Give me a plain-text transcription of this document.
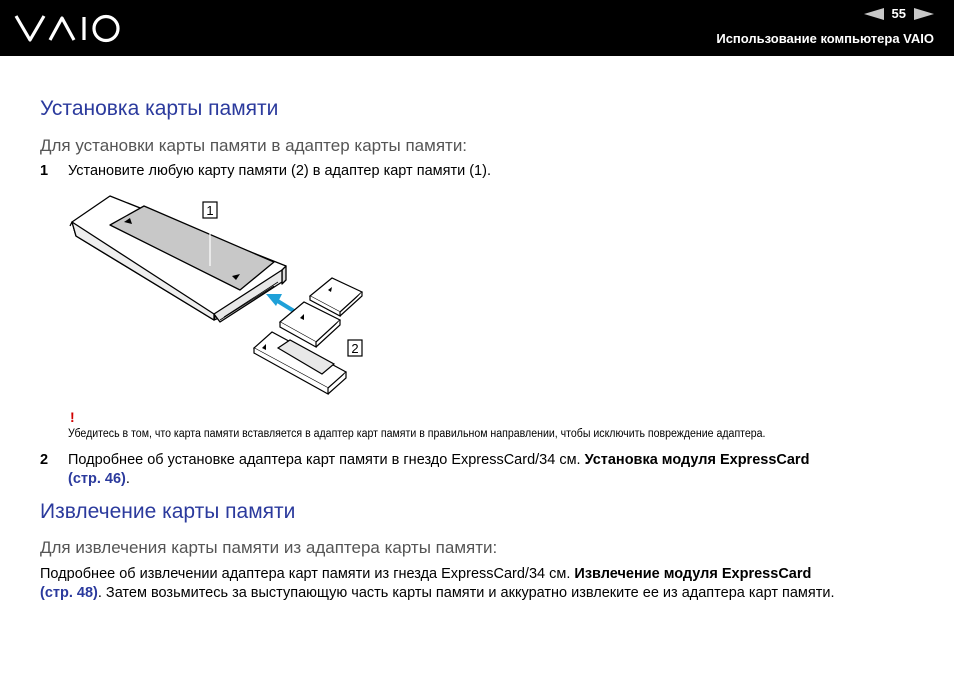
55
Использование компьютера VAIO
Установка карты памяти
Для установки карты памяти в адаптер карты памяти:
1 Установите любую карту памяти (2) в адаптер карт памяти (1).
1
2
!
Убедитесь в том, что карта памяти вставляется в адаптер карт памяти в правильном направлении, чтобы исключить повреждение адаптера.
2 Подробнее об установке адаптера карт памяти в гнездо ExpressCard/34 см. Установка модуля ExpressCard
(стр. 46).
Извлечение карты памяти
Для извлечения карты памяти из адаптера карты памяти:
Подробнее об извлечении адаптера карт памяти из гнезда ExpressCard/34 см. Извлечение модуля ExpressCard
(стр. 48). Затем возьмитесь за выступающую часть карты памяти и аккуратно извлеките ее из адаптера карт памяти.
